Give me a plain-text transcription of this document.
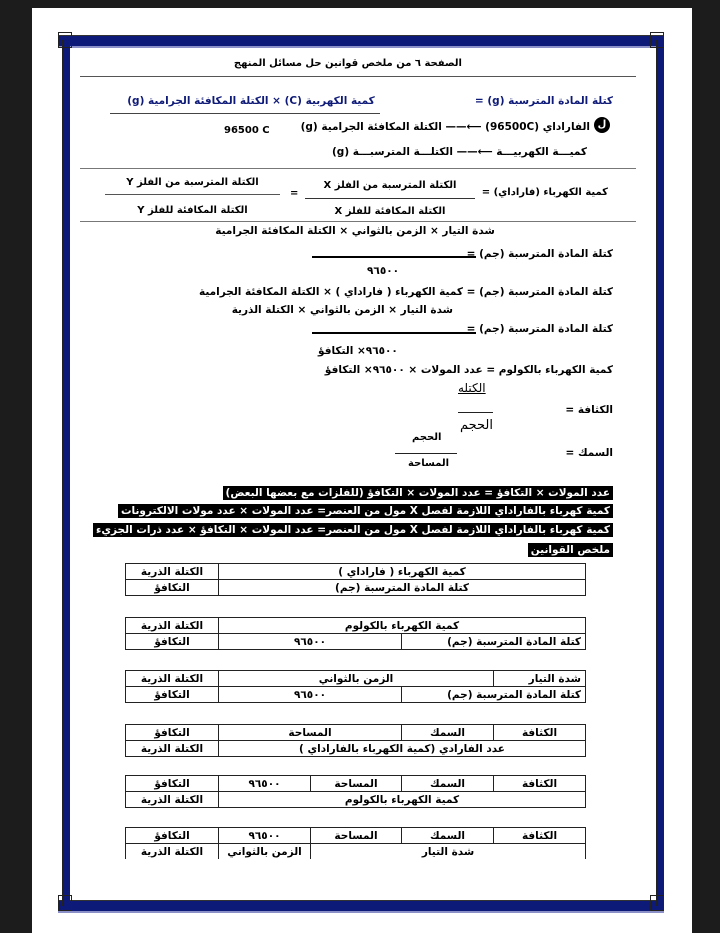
الصفحة ٦ من ملخص قوانين حل مسائل المنهج
كتلة المادة المترسبة (g) =
كمية الكهربية (C) × الكتلة المكافئة الجرامية (g)
96500 C
ل
الفاراداي (96500C) ⟵—— الكتلة المكافئة الجرامية (g)
كميـــة الكهربيـــة ⟵—— الكتلـــة المترسبـــة (g)
كمية الكهرباء (فاراداي) =
الكتلة المترسبة من الفلز X
الكتلة المكافئة للفلز X
=
الكتلة المترسبة من الفلز Y
الكتلة المكافئة للفلز Y
شدة التيار × الزمن بالثواني × الكتلة المكافئة الجرامية
كتلة المادة المترسبة (جم) =
٩٦٥٠٠
كتلة المادة المترسبة (جم) = كمية الكهرباء ( فاراداي ) × الكتلة المكافئة الجرامية
شدة التيار × الزمن بالثواني × الكتلة الذرية
كتلة المادة المترسبة (جم) =
٩٦٥٠٠× التكافؤ
كمية الكهرباء بالكولوم = عدد المولات × ٩٦٥٠٠× التكافؤ
الكثافة =
الكتله
الحجم
السمك =
الحجم
المساحة
عدد المولات × التكافؤ = عدد المولات × التكافؤ (للفلزات مع بعضها البعض)
كمية كهرباء بالفاراداي اللازمة لفصل X مول من العنصر= عدد المولات × عدد مولات الالكترونات
كمية كهرباء بالفاراداي اللازمة لفصل X مول من العنصر= عدد المولات × التكافؤ × عدد ذرات الجزيء
ملخص القوانين
كمية الكهرباء ( فاراداي )	الكتلة الذرية
كتلة المادة المترسبة (جم)	التكافؤ
كمية الكهرباء بالكولوم		الكتلة الذرية
كتلة المادة المترسبة (جم)	٩٦٥٠٠	التكافؤ
شدة التيار	الزمن بالثواني		الكتلة الذرية
كتلة المادة المترسبة (جم)		٩٦٥٠٠	التكافؤ
الكثافة	السمك	المساحة	التكافؤ
عدد الفارادي (كمية الكهرباء بالفاراداي )			الكتلة الذرية
الكثافة	السمك	المساحة	٩٦٥٠٠	التكافؤ
كمية الكهرباء بالكولوم				الكتلة الذرية
الكثافة	السمك	المساحة	٩٦٥٠٠	التكافؤ
شدة التيار			الزمن بالثواني	الكتلة الذرية
